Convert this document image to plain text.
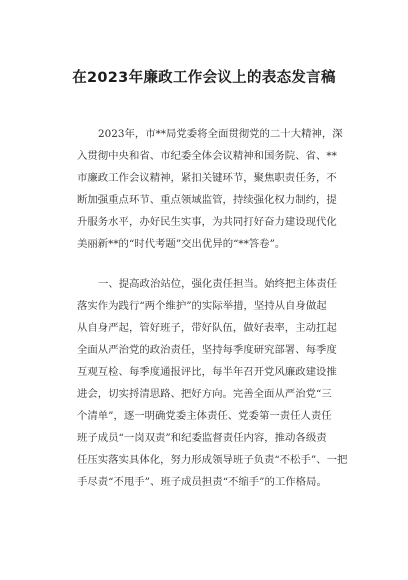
在2023年廉政工作会议上的表态发言稿
2023年，市**局党委将全面贯彻党的二十大精神，深
入贯彻中央和省、市纪委全体会议精神和国务院、省、**
市廉政工作会议精神，紧扣关键环节，聚焦职责任务，不
断加强重点环节、重点领域监管，持续强化权力制约，提
升服务水平，办好民生实事，为共同打好奋力建设现代化
美丽新**的“时代考题”交出优异的“**答卷”。
一、提高政治站位，强化责任担当。始终把主体责任
落实作为践行“两个维护”的实际举措，坚持从自身做起
从自身严起，管好班子，带好队伍，做好表率，主动扛起
全面从严治党的政治责任，坚持每季度研究部署、每季度
互观互检、每季度通报评比，每半年召开党风廉政建设推
进会，切实捋清思路、把好方向。完善全面从严治党“三
个清单”，逐一明确党委主体责任、党委第一责任人责任
班子成员“一岗双责”和纪委监督责任内容，推动各级责
任压实落实具体化，努力形成领导班子负责“不松手”、一把
手尽责“不甩手”、班子成员担责“不缩手”的工作格局。
